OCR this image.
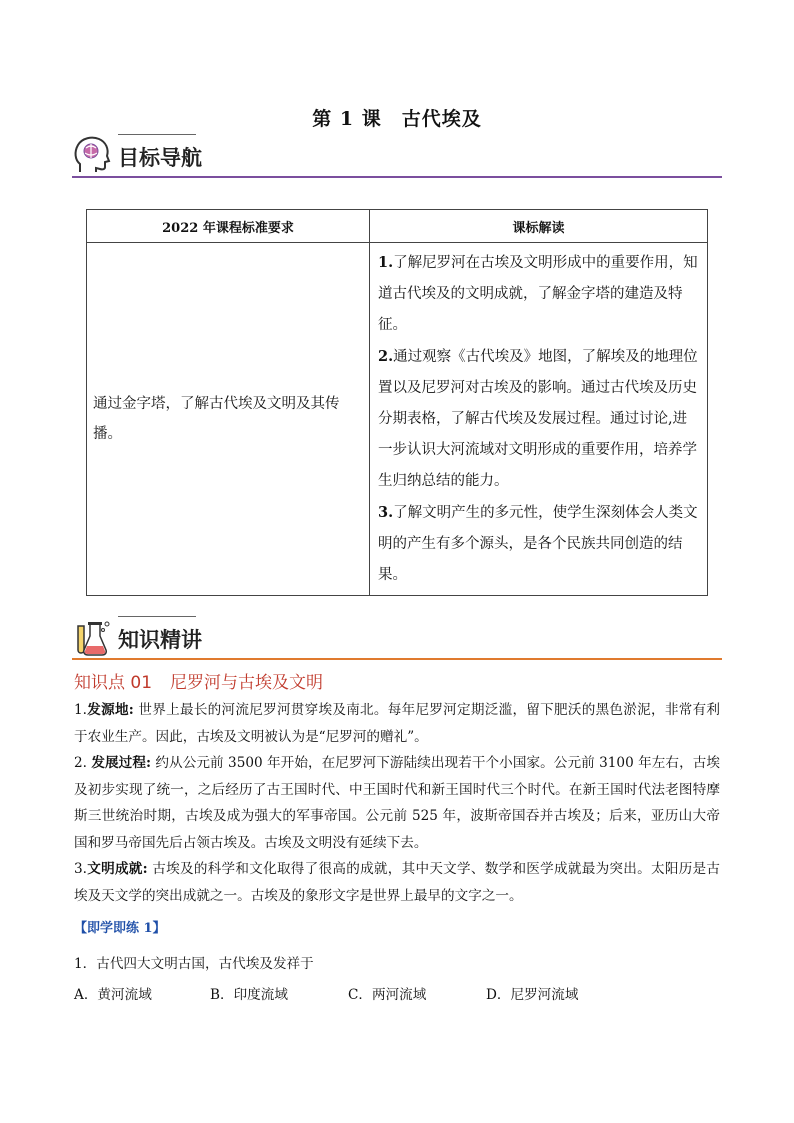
第 1 课　古代埃及
目标导航
2022 年课程标准要求	课标解读
通过金字塔，了解古代埃及文明及其传播。	1.了解尼罗河在古埃及文明形成中的重要作用，知道古代埃及的文明成就，了解金字塔的建造及特征。

2.通过观察《古代埃及》地图，了解埃及的地理位置以及尼罗河对古埃及的影响。通过古代埃及历史分期表格，了解古代埃及发展过程。通过讨论,进一步认识大河流域对文明形成的重要作用，培养学生归纳总结的能力。

3.了解文明产生的多元性，使学生深刻体会人类文明的产生有多个源头，是各个民族共同创造的结果。

知识精讲
知识点 01 尼罗河与古埃及文明
1.发源地: 世界上最长的河流尼罗河贯穿埃及南北。每年尼罗河定期泛滥，留下肥沃的黑色淤泥，非常有利于农业生产。因此，古埃及文明被认为是“尼罗河的赠礼”。
2. 发展过程: 约从公元前 3500 年开始，在尼罗河下游陆续出现若干个小国家。公元前 3100 年左右，古埃及初步实现了统一，之后经历了古王国时代、中王国时代和新王国时代三个时代。在新王国时代法老图特摩斯三世统治时期，古埃及成为强大的军事帝国。公元前 525 年，波斯帝国吞并古埃及；后来，亚历山大帝国和罗马帝国先后占领古埃及。古埃及文明没有延续下去。
3.文明成就: 古埃及的科学和文化取得了很高的成就，其中天文学、数学和医学成就最为突出。太阳历是古埃及天文学的突出成就之一。古埃及的象形文字是世界上最早的文字之一。
【即学即练 1】
1．古代四大文明古国，古代埃及发祥于
A．黄河流域	B．印度流域	C．两河流域	D．尼罗河流域
